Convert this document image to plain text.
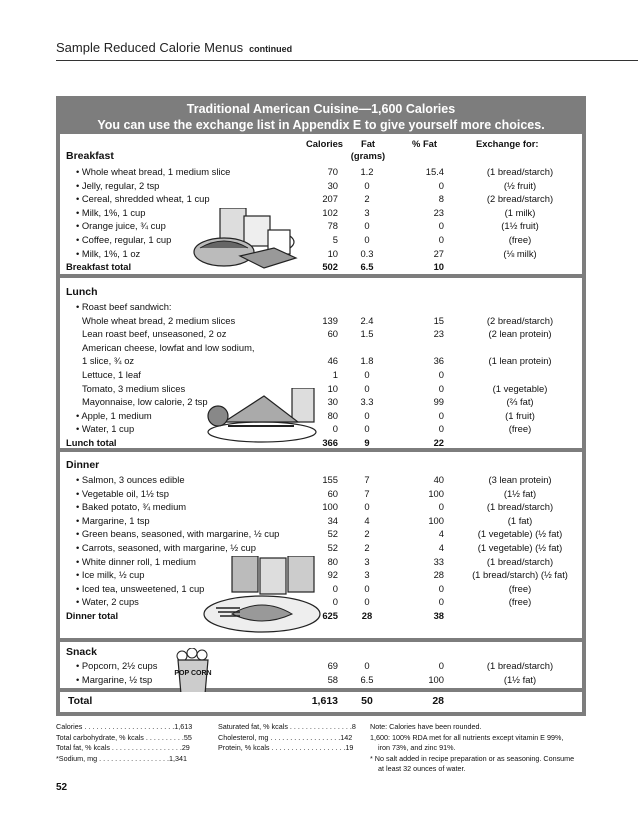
Sample Reduced Calorie Menus continued
Traditional American Cuisine—1,600 Calories
You can use the exchange list in Appendix E to give yourself more choices.
Calories	Fat
(grams)
% Fat	Exchange for:
Breakfast
• Whole wheat bread, 1 medium slice	70	1.2	15.4	(1 bread/starch)
• Jelly, regular, 2 tsp	30	0	0	(½ fruit)
• Cereal, shredded wheat, 1 cup	207	2	8	(2 bread/starch)
• Milk, 1%, 1 cup	102	3	23	(1 milk)
• Orange juice, ¾ cup	78	0	0	(1½ fruit)
• Coffee, regular, 1 cup	5	0	0	(free)
• Milk, 1%, 1 oz	10	0.3	27	(⅛ milk)
Breakfast total	502	6.5	10
Lunch
• Roast beef sandwich:
Whole wheat bread, 2 medium slices	139	2.4	15	(2 bread/starch)
Lean roast beef, unseasoned, 2 oz	60	1.5	23	(2 lean protein)
American cheese, lowfat and low sodium,
1 slice, ¾ oz	46	1.8	36	(1 lean protein)
Lettuce, 1 leaf	1	0	0
Tomato, 3 medium slices	10	0	0	(1 vegetable)
Mayonnaise, low calorie, 2 tsp	30	3.3	99	(⅔ fat)
• Apple, 1 medium	80	0	0	(1 fruit)
• Water, 1 cup	0	0	0	(free)
Lunch total	366	9	22
Dinner
• Salmon, 3 ounces edible	155	7	40	(3 lean protein)
• Vegetable oil, 1½ tsp	60	7	100	(1½ fat)
• Baked potato, ¾ medium	100	0	0	(1 bread/starch)
• Margarine, 1 tsp	34	4	100	(1 fat)
• Green beans, seasoned, with margarine, ½ cup	52	2	4	(1 vegetable) (½ fat)
• Carrots, seasoned, with margarine, ½ cup	52	2	4	(1 vegetable) (½ fat)
• White dinner roll, 1 medium	80	3	33	(1 bread/starch)
• Ice milk, ½ cup	92	3	28	(1 bread/starch) (½ fat)
• Iced tea, unsweetened, 1 cup	0	0	0	(free)
• Water, 2 cups	0	0	0	(free)
Dinner total	625	28	38
Snack
POP CORN
• Popcorn, 2½ cups	69	0	0	(1 bread/starch)
• Margarine, ½ tsp	58	6.5	100	(1½ fat)
Total	1,613	50	28
52
Calories . . . . . . . . . . . . . . . . . . . . . . .1,613
Total carbohydrate, % kcals . . . . . . . . . .55
Total fat, % kcals . . . . . . . . . . . . . . . . . .29
*Sodium, mg . . . . . . . . . . . . . . . . . .1,341
Saturated fat, % kcals . . . . . . . . . . . . . . . .8
Cholesterol, mg . . . . . . . . . . . . . . . . . .142
Protein, % kcals . . . . . . . . . . . . . . . . . . .19
Note: Calories have been rounded.
1,600: 100% RDA met for all nutrients except vitamin E 99%,
iron 73%, and zinc 91%.
* No salt added in recipe preparation or as seasoning. Consume
at least 32 ounces of water.
